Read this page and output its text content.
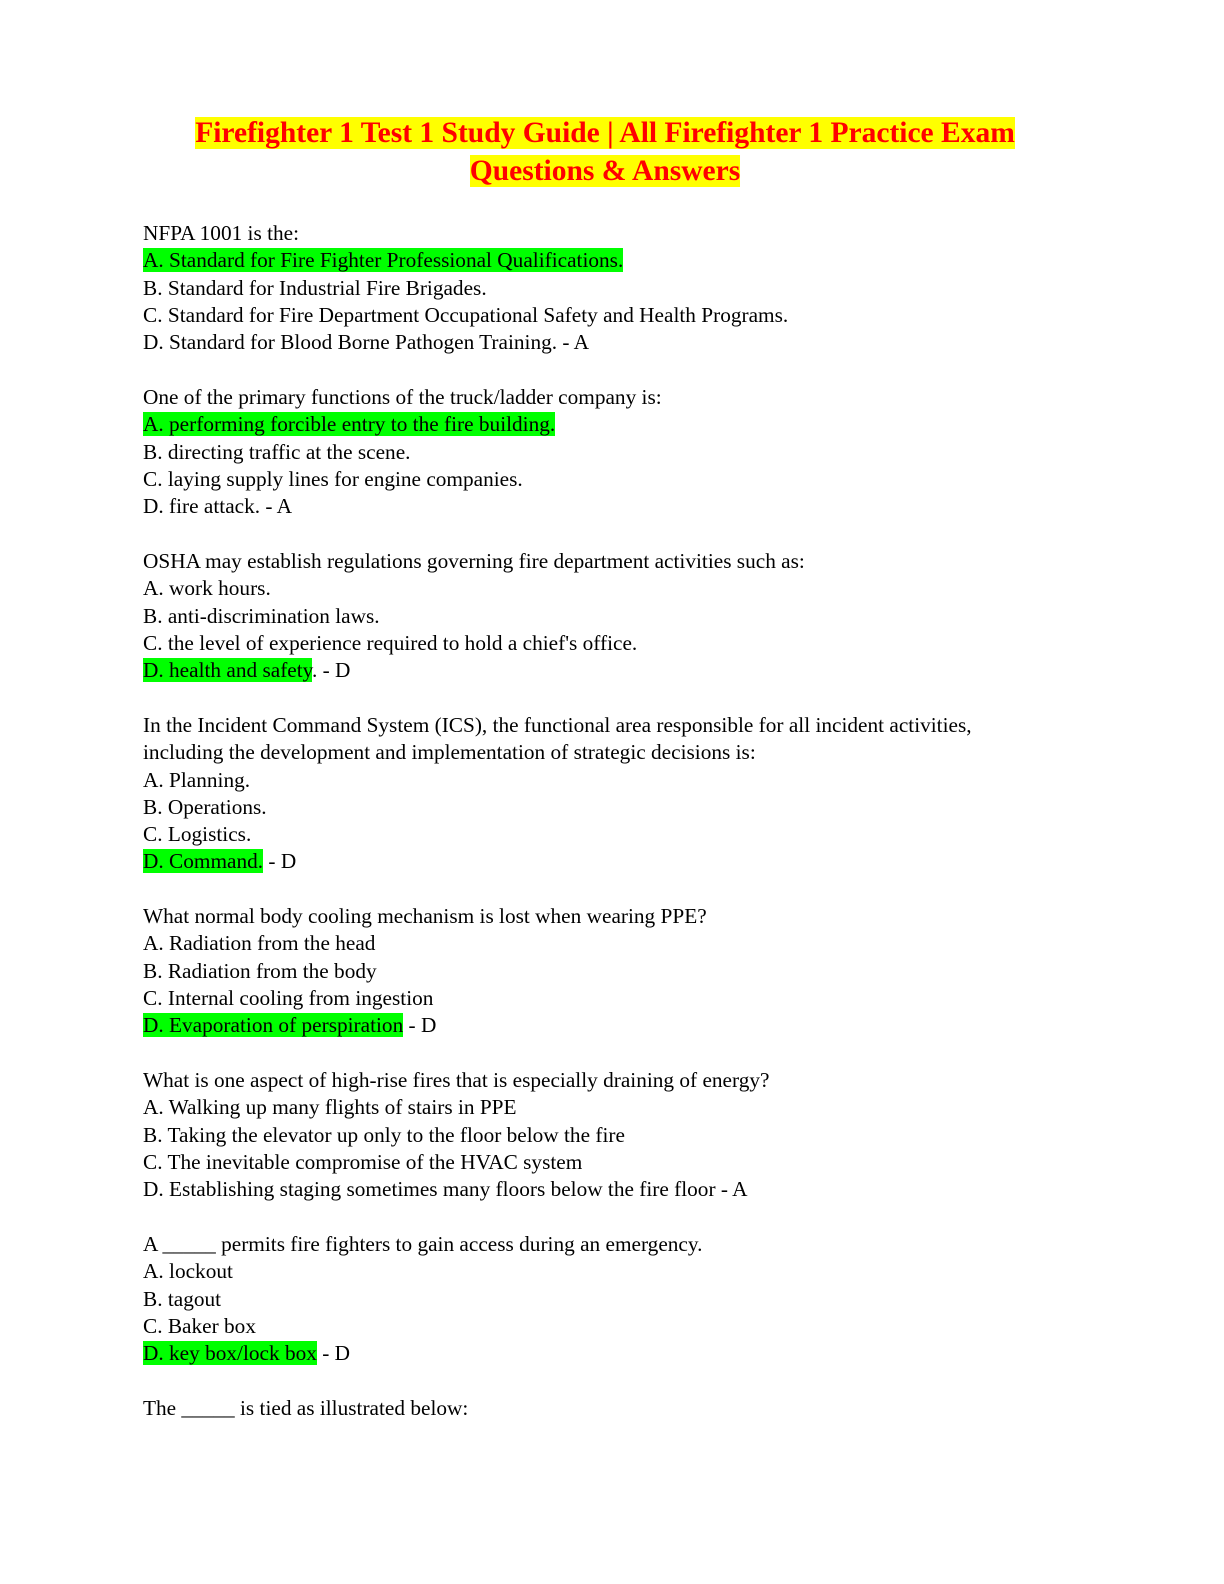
Firefighter 1 Test 1 Study Guide | All Firefighter 1 Practice Exam
Questions & Answers
NFPA 1001 is the:
A. Standard for Fire Fighter Professional Qualifications.
B. Standard for Industrial Fire Brigades.
C. Standard for Fire Department Occupational Safety and Health Programs.
D. Standard for Blood Borne Pathogen Training. - A
One of the primary functions of the truck/ladder company is:
A. performing forcible entry to the fire building.
B. directing traffic at the scene.
C. laying supply lines for engine companies.
D. fire attack. - A
OSHA may establish regulations governing fire department activities such as:
A. work hours.
B. anti-discrimination laws.
C. the level of experience required to hold a chief's office.
D. health and safety. - D
In the Incident Command System (ICS), the functional area responsible for all incident activities,
including the development and implementation of strategic decisions is:
A. Planning.
B. Operations.
C. Logistics.
D. Command. - D
What normal body cooling mechanism is lost when wearing PPE?
A. Radiation from the head
B. Radiation from the body
C. Internal cooling from ingestion
D. Evaporation of perspiration - D
What is one aspect of high-rise fires that is especially draining of energy?
A. Walking up many flights of stairs in PPE
B. Taking the elevator up only to the floor below the fire
C. The inevitable compromise of the HVAC system
D. Establishing staging sometimes many floors below the fire floor - A
A _____ permits fire fighters to gain access during an emergency.
A. lockout
B. tagout
C. Baker box
D. key box/lock box - D
The _____ is tied as illustrated below:
